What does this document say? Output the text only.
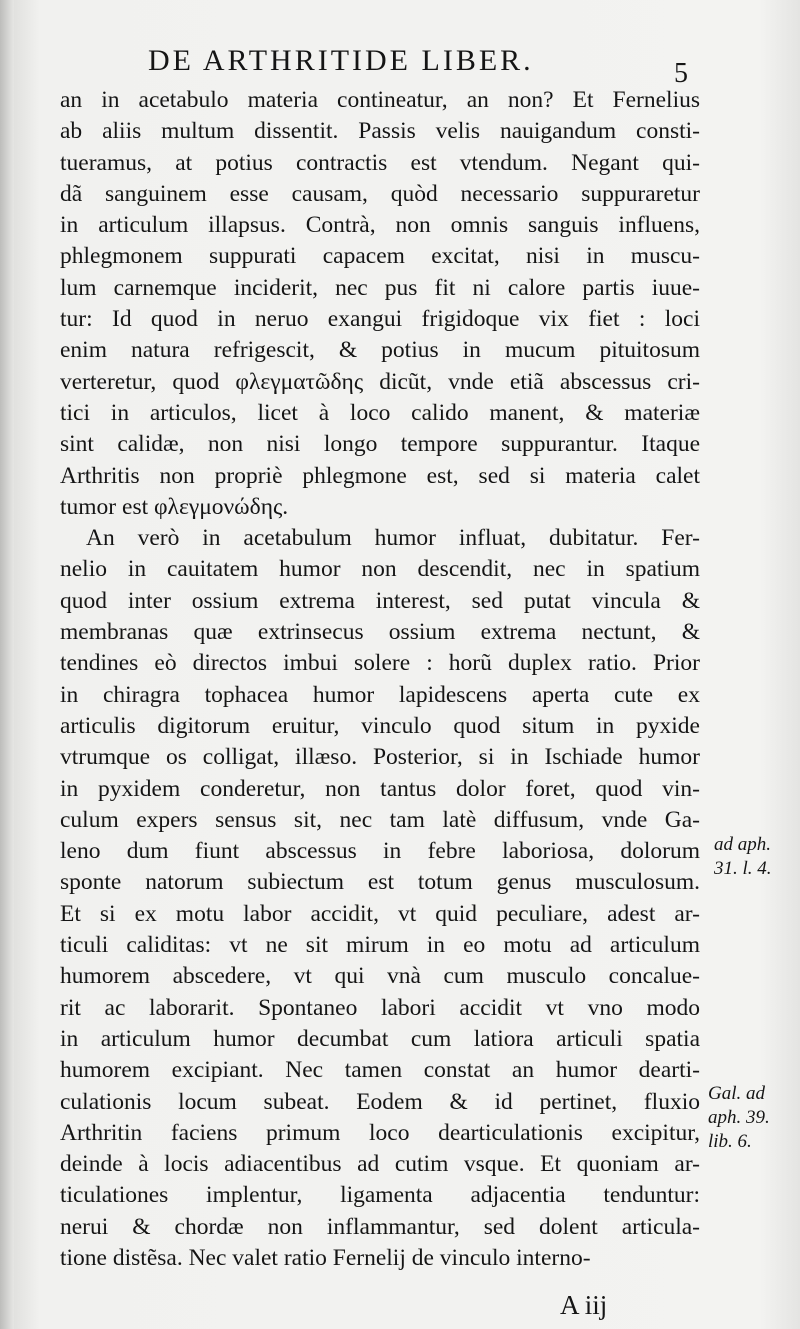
DE ARTHRITIDE LIBER.	5
an in acetabulo materia contineatur, an non? Et Fernelius
ab aliis multum dissentit. Passis velis nauigandum consti-
tueramus, at potius contractis est vtendum. Negant qui-
dã sanguinem esse causam, quòd necessario suppuraretur
in articulum illapsus. Contrà, non omnis sanguis influens,
phlegmonem suppurati capacem excitat, nisi in muscu-
lum carnemque inciderit, nec pus fit ni calore partis iuue-
tur: Id quod in neruo exangui frigidoque vix fiet : loci
enim natura refrigescit, & potius in mucum pituitosum
verteretur, quod φλεγματῶδης dicũt, vnde etiã abscessus cri-
tici in articulos, licet à loco calido manent, & materiæ
sint calidæ, non nisi longo tempore suppurantur. Itaque
Arthritis non propriè phlegmone est, sed si materia calet
tumor est φλεγμονώδης.
An verò in acetabulum humor influat, dubitatur. Fer-
nelio in cauitatem humor non descendit, nec in spatium
quod inter ossium extrema interest, sed putat vincula &
membranas quæ extrinsecus ossium extrema nectunt, &
tendines eò directos imbui solere : horũ duplex ratio. Prior
in chiragra tophacea humor lapidescens aperta cute ex
articulis digitorum eruitur, vinculo quod situm in pyxide
vtrumque os colligat, illæso. Posterior, si in Ischiade humor
in pyxidem conderetur, non tantus dolor foret, quod vin-
culum expers sensus sit, nec tam latè diffusum, vnde Ga-
leno dum fiunt abscessus in febre laboriosa, dolorum
sponte natorum subiectum est totum genus musculosum.
Et si ex motu labor accidit, vt quid peculiare, adest ar-
ticuli caliditas: vt ne sit mirum in eo motu ad articulum
humorem abscedere, vt qui vnà cum musculo concalue-
rit ac laborarit. Spontaneo labori accidit vt vno modo
in articulum humor decumbat cum latiora articuli spatia
humorem excipiant. Nec tamen constat an humor dearti-
culationis locum subeat. Eodem & id pertinet, fluxio
Arthritin faciens primum loco dearticulationis excipitur,
deinde à locis adiacentibus ad cutim vsque. Et quoniam ar-
ticulationes implentur, ligamenta adjacentia tenduntur:
nerui & chordæ non inflammantur, sed dolent articula-
tione distẽsa. Nec valet ratio Fernelij de vinculo interno-
ad aph.
31. l. 4.
Gal. ad
aph. 39.
lib. 6.
A iij
